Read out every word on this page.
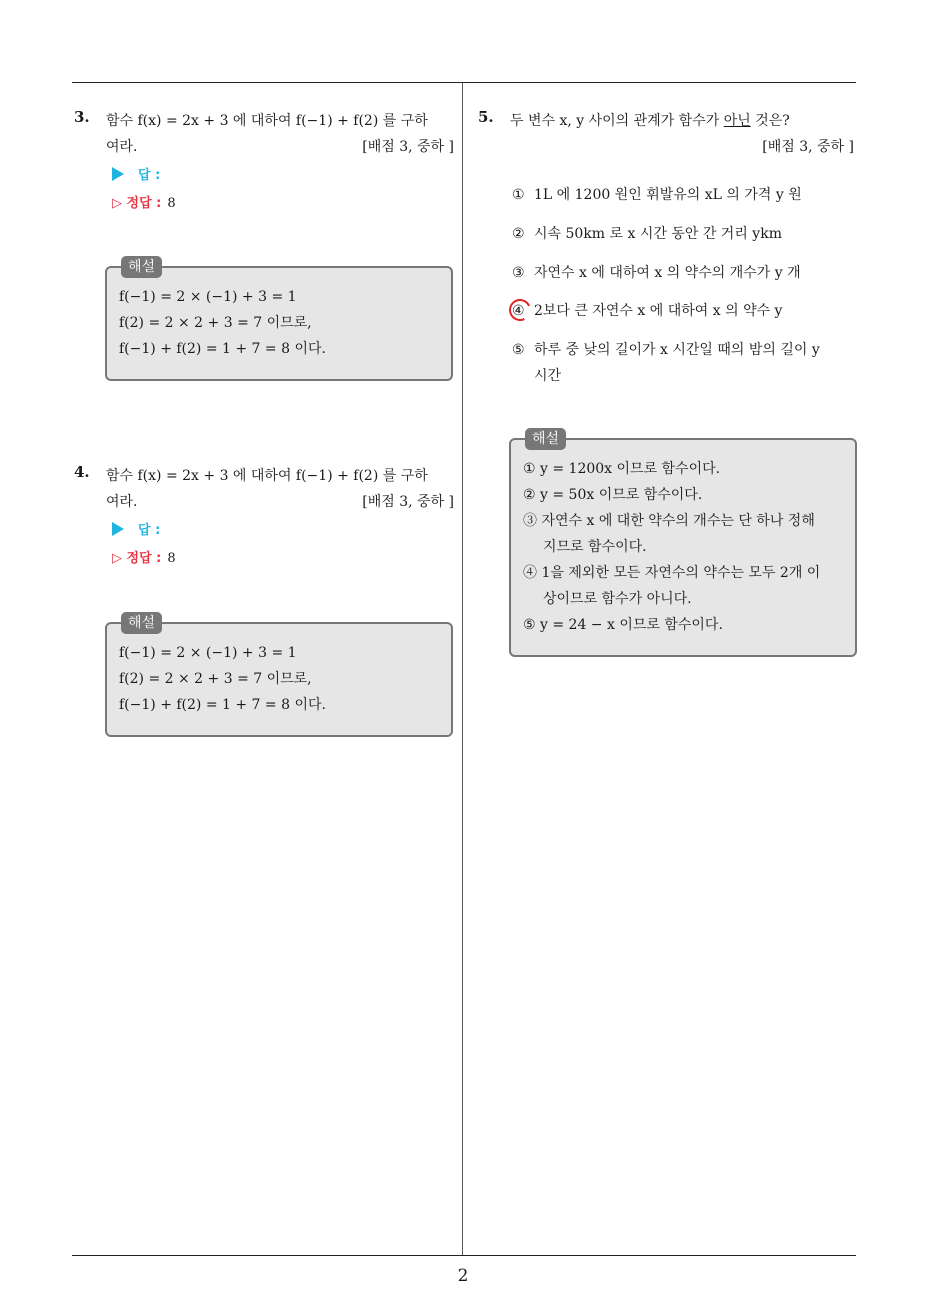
2
3. 함수 f(x) = 2x + 3 에 대하여 f(−1) + f(2) 를 구하
여라.	[배점 3, 중하 ]
답 :
▷ 정답 : 8
해설
f(−1) = 2 × (−1) + 3 = 1
f(2) = 2 × 2 + 3 = 7 이므로,
f(−1) + f(2) = 1 + 7 = 8 이다.
4. 함수 f(x) = 2x + 3 에 대하여 f(−1) + f(2) 를 구하
여라.	[배점 3, 중하 ]
답 :
▷ 정답 : 8
해설
f(−1) = 2 × (−1) + 3 = 1
f(2) = 2 × 2 + 3 = 7 이므로,
f(−1) + f(2) = 1 + 7 = 8 이다.
5. 두 변수 x, y 사이의 관계가 함수가 아닌 것은?
[배점 3, 중하 ]
① 1L 에 1200 원인 휘발유의 xL 의 가격 y 원
② 시속 50km 로 x 시간 동안 간 거리 ykm
③ 자연수 x 에 대하여 x 의 약수의 개수가 y 개
④ 2보다 큰 자연수 x 에 대하여 x 의 약수 y
⑤ 하루 중 낮의 길이가 x 시간일 때의 밤의 길이 y
시간
해설
① y = 1200x 이므로 함수이다.
② y = 50x 이므로 함수이다.
③ 자연수 x 에 대한 약수의 개수는 단 하나 정해
지므로 함수이다.
④ 1을 제외한 모든 자연수의 약수는 모두 2개 이
상이므로 함수가 아니다.
⑤ y = 24 − x 이므로 함수이다.
